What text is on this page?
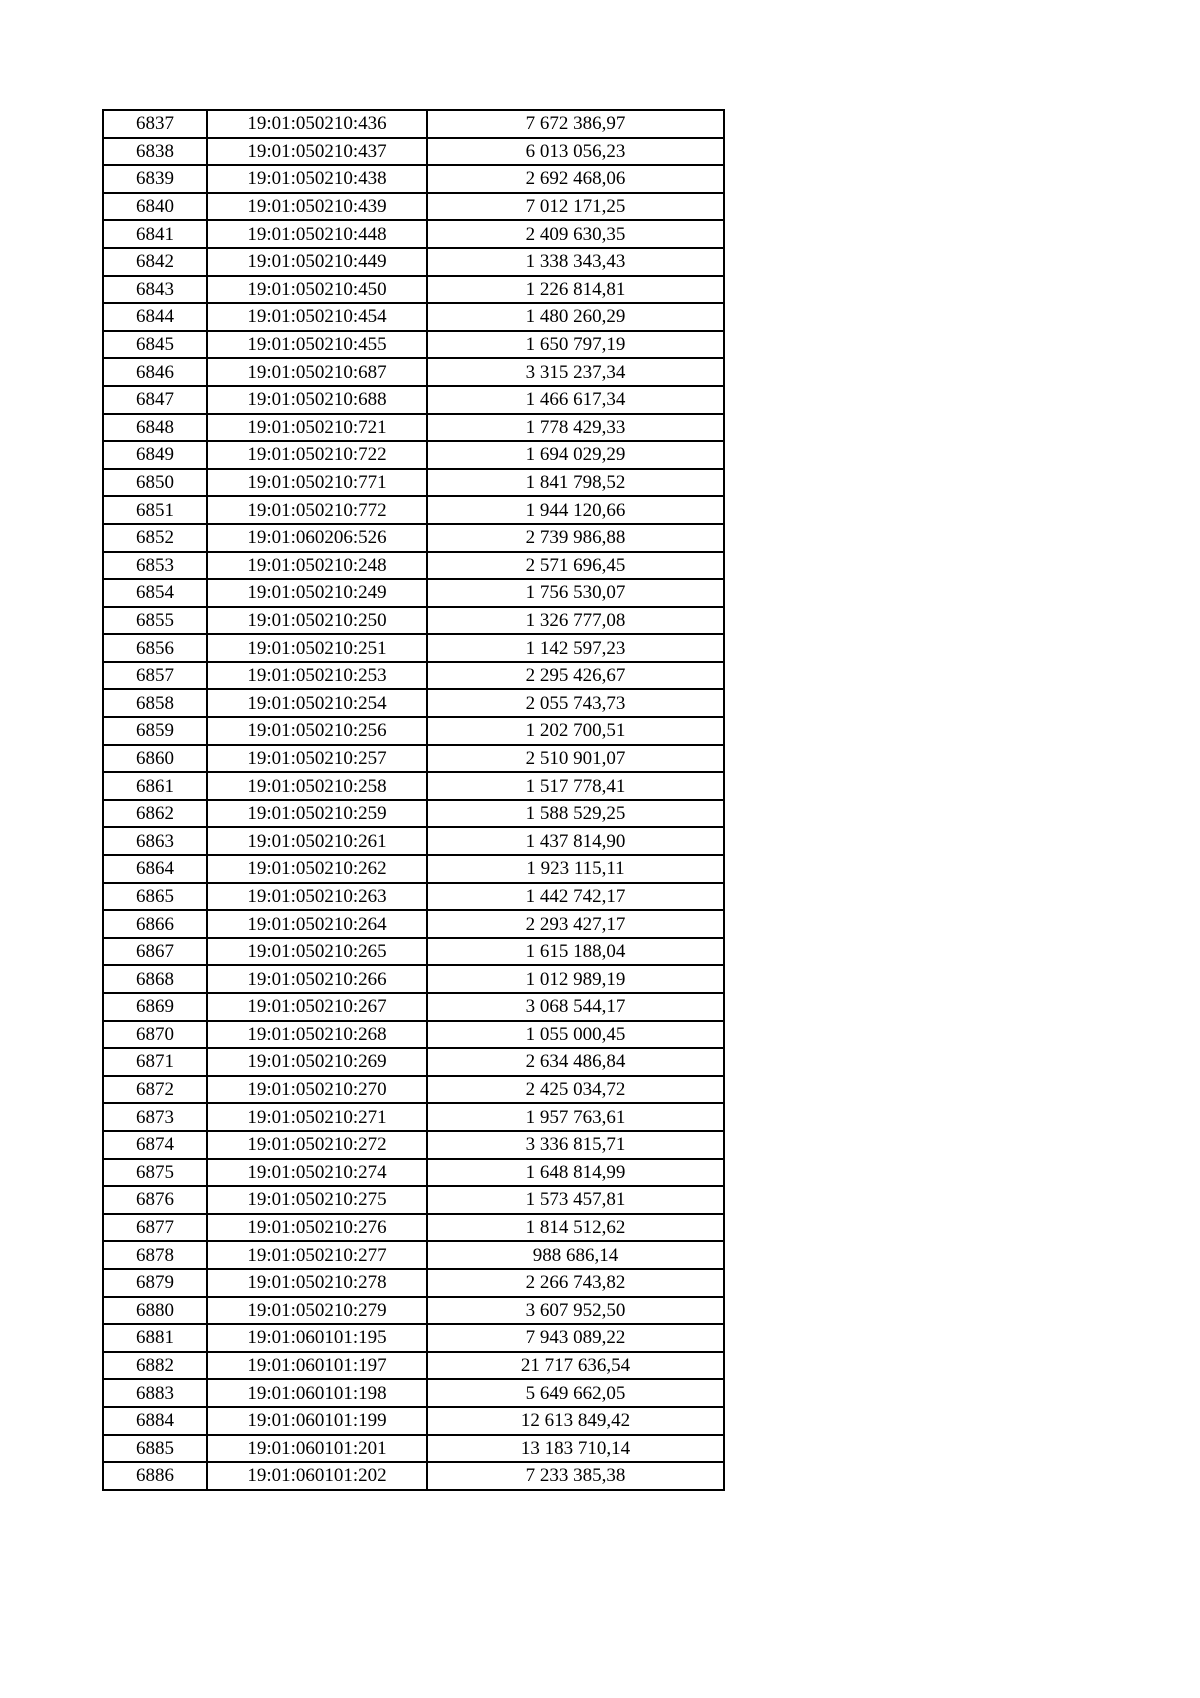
6837	19:01:050210:436	7 672 386,97
6838	19:01:050210:437	6 013 056,23
6839	19:01:050210:438	2 692 468,06
6840	19:01:050210:439	7 012 171,25
6841	19:01:050210:448	2 409 630,35
6842	19:01:050210:449	1 338 343,43
6843	19:01:050210:450	1 226 814,81
6844	19:01:050210:454	1 480 260,29
6845	19:01:050210:455	1 650 797,19
6846	19:01:050210:687	3 315 237,34
6847	19:01:050210:688	1 466 617,34
6848	19:01:050210:721	1 778 429,33
6849	19:01:050210:722	1 694 029,29
6850	19:01:050210:771	1 841 798,52
6851	19:01:050210:772	1 944 120,66
6852	19:01:060206:526	2 739 986,88
6853	19:01:050210:248	2 571 696,45
6854	19:01:050210:249	1 756 530,07
6855	19:01:050210:250	1 326 777,08
6856	19:01:050210:251	1 142 597,23
6857	19:01:050210:253	2 295 426,67
6858	19:01:050210:254	2 055 743,73
6859	19:01:050210:256	1 202 700,51
6860	19:01:050210:257	2 510 901,07
6861	19:01:050210:258	1 517 778,41
6862	19:01:050210:259	1 588 529,25
6863	19:01:050210:261	1 437 814,90
6864	19:01:050210:262	1 923 115,11
6865	19:01:050210:263	1 442 742,17
6866	19:01:050210:264	2 293 427,17
6867	19:01:050210:265	1 615 188,04
6868	19:01:050210:266	1 012 989,19
6869	19:01:050210:267	3 068 544,17
6870	19:01:050210:268	1 055 000,45
6871	19:01:050210:269	2 634 486,84
6872	19:01:050210:270	2 425 034,72
6873	19:01:050210:271	1 957 763,61
6874	19:01:050210:272	3 336 815,71
6875	19:01:050210:274	1 648 814,99
6876	19:01:050210:275	1 573 457,81
6877	19:01:050210:276	1 814 512,62
6878	19:01:050210:277	988 686,14
6879	19:01:050210:278	2 266 743,82
6880	19:01:050210:279	3 607 952,50
6881	19:01:060101:195	7 943 089,22
6882	19:01:060101:197	21 717 636,54
6883	19:01:060101:198	5 649 662,05
6884	19:01:060101:199	12 613 849,42
6885	19:01:060101:201	13 183 710,14
6886	19:01:060101:202	7 233 385,38
